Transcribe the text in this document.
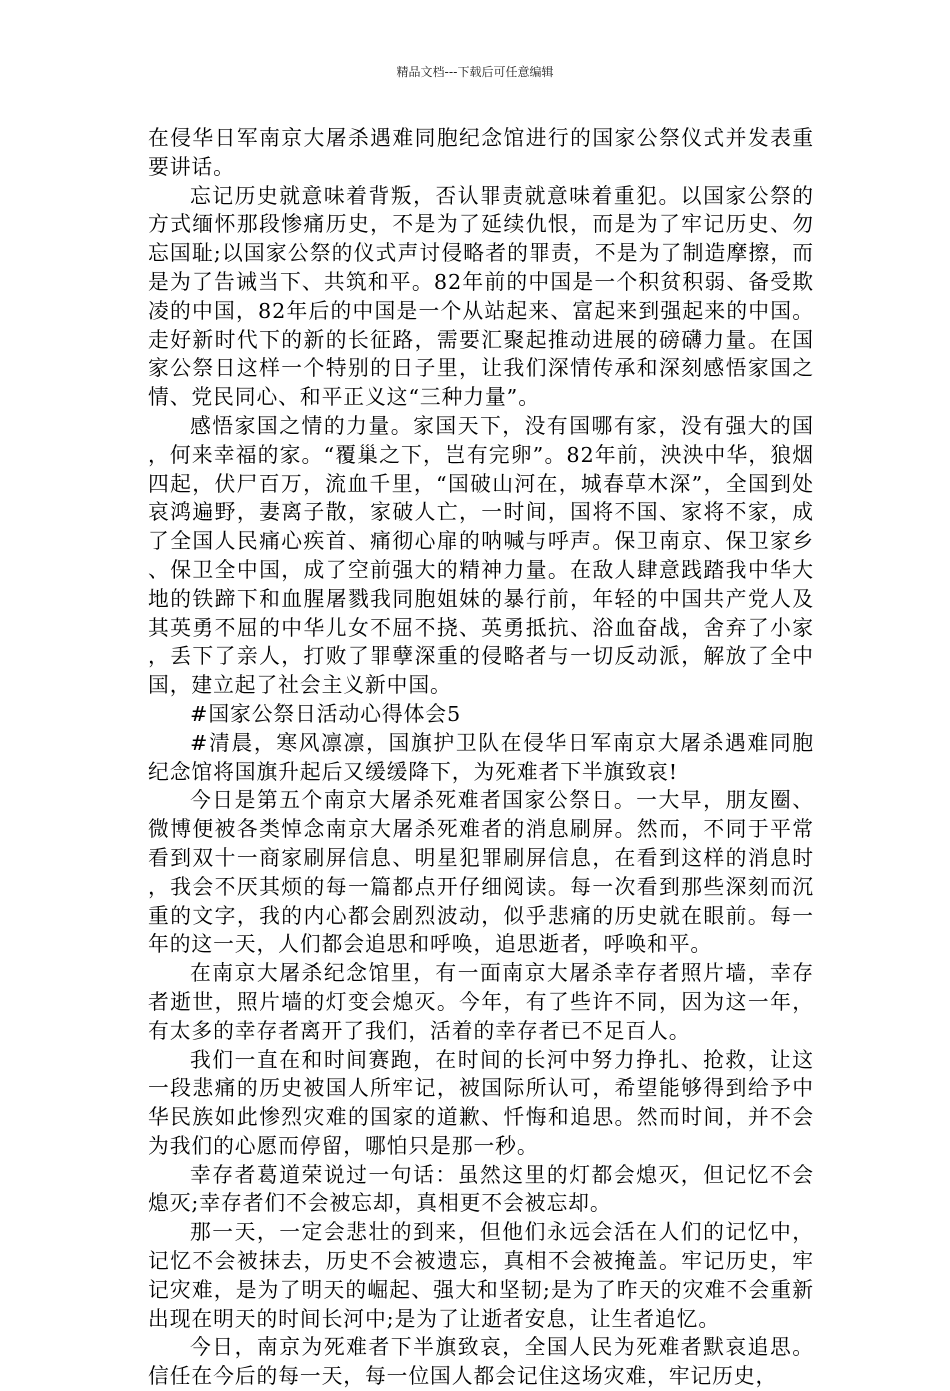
精品文档---下载后可任意编辑

在侵华日军南京大屠杀遇难同胞纪念馆进行的国家公祭仪式并发表重要讲话。

忘记历史就意味着背叛，否认罪责就意味着重犯。以国家公祭的方式缅怀那段惨痛历史，不是为了延续仇恨，而是为了牢记历史、勿忘国耻;以国家公祭的仪式声讨侵略者的罪责，不是为了制造摩擦，而是为了告诫当下、共筑和平。82年前的中国是一个积贫积弱、备受欺凌的中国，82年后的中国是一个从站起来、富起来到强起来的中国。走好新时代下的新的长征路，需要汇聚起推动进展的磅礴力量。在国家公祭日这样一个特别的日子里，让我们深情传承和深刻感悟家国之情、党民同心、和平正义这“三种力量”。

感悟家国之情的力量。家国天下，没有国哪有家，没有强大的国，何来幸福的家。“覆巢之下，岂有完卵”。82年前，泱泱中华，狼烟四起，伏尸百万，流血千里，“国破山河在，城春草木深”，全国到处哀鸿遍野，妻离子散，家破人亡，一时间，国将不国、家将不家，成了全国人民痛心疾首、痛彻心扉的呐喊与呼声。保卫南京、保卫家乡、保卫全中国，成了空前强大的精神力量。在敌人肆意践踏我中华大地的铁蹄下和血腥屠戮我同胞姐妹的暴行前，年轻的中国共产党人及其英勇不屈的中华儿女不屈不挠、英勇抵抗、浴血奋战，舍弃了小家，丢下了亲人，打败了罪孽深重的侵略者与一切反动派，解放了全中国，建立起了社会主义新中国。

#国家公祭日活动心得体会5

#清晨，寒风凛凛，国旗护卫队在侵华日军南京大屠杀遇难同胞纪念馆将国旗升起后又缓缓降下，为死难者下半旗致哀!

今日是第五个南京大屠杀死难者国家公祭日。一大早，朋友圈、微博便被各类悼念南京大屠杀死难者的消息刷屏。然而，不同于平常看到双十一商家刷屏信息、明星犯罪刷屏信息，在看到这样的消息时，我会不厌其烦的每一篇都点开仔细阅读。每一次看到那些深刻而沉重的文字，我的内心都会剧烈波动，似乎悲痛的历史就在眼前。每一年的这一天，人们都会追思和呼唤，追思逝者，呼唤和平。

在南京大屠杀纪念馆里，有一面南京大屠杀幸存者照片墙，幸存者逝世，照片墙的灯变会熄灭。今年，有了些许不同，因为这一年，有太多的幸存者离开了我们，活着的幸存者已不足百人。

我们一直在和时间赛跑，在时间的长河中努力挣扎、抢救，让这一段悲痛的历史被国人所牢记，被国际所认可，希望能够得到给予中华民族如此惨烈灾难的国家的道歉、忏悔和追思。然而时间，并不会为我们的心愿而停留，哪怕只是那一秒。

幸存者葛道荣说过一句话：虽然这里的灯都会熄灭，但记忆不会熄灭;幸存者们不会被忘却，真相更不会被忘却。

那一天，一定会悲壮的到来，但他们永远会活在人们的记忆中，记忆不会被抹去，历史不会被遗忘，真相不会被掩盖。牢记历史，牢记灾难，是为了明天的崛起、强大和坚韧;是为了昨天的灾难不会重新出现在明天的时间长河中;是为了让逝者安息，让生者追忆。

今日，南京为死难者下半旗致哀，全国人民为死难者默哀追思。信任在今后的每一天，每一位国人都会记住这场灾难，牢记历史，
